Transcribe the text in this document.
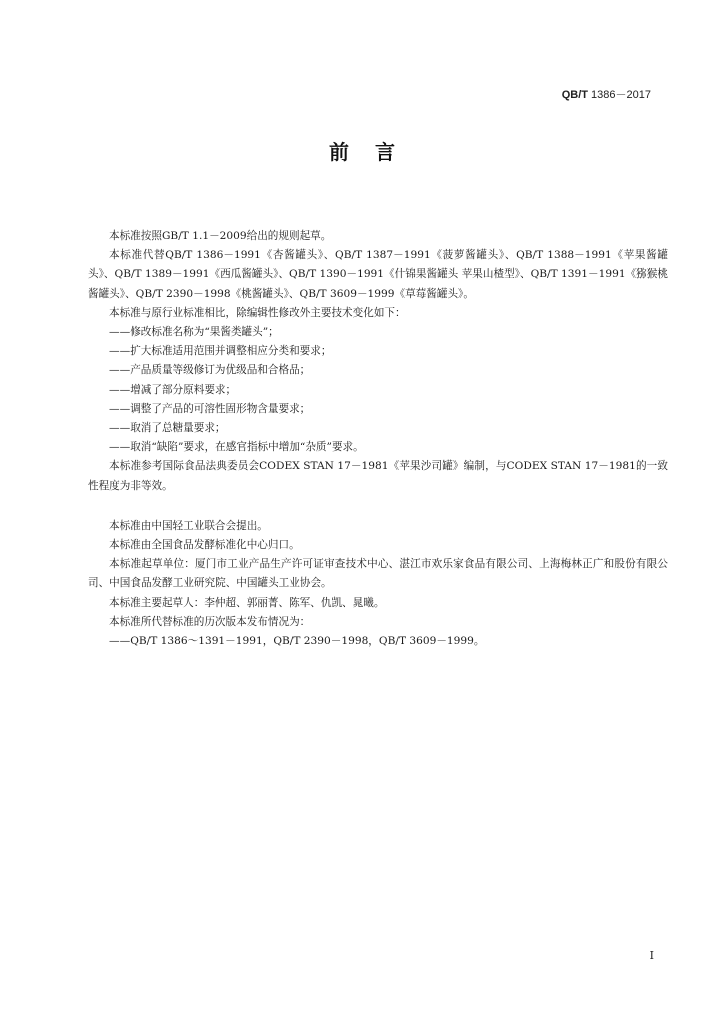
QB/T 1386－2017
前言

本标准按照GB/T 1.1－2009给出的规则起草。

本标准代替QB/T 1386－1991《杏酱罐头》、QB/T 1387－1991《菠萝酱罐头》、QB/T 1388－1991《苹果酱罐头》、QB/T 1389－1991《西瓜酱罐头》、QB/T 1390－1991《什锦果酱罐头 苹果山楂型》、QB/T 1391－1991《猕猴桃酱罐头》、QB/T 2390－1998《桃酱罐头》、QB/T 3609－1999《草莓酱罐头》。

本标准与原行业标准相比，除编辑性修改外主要技术变化如下：

——修改标准名称为“果酱类罐头”；

——扩大标准适用范围并调整相应分类和要求；

——产品质量等级修订为优级品和合格品；

——增减了部分原料要求；

——调整了产品的可溶性固形物含量要求；

——取消了总糖量要求；

——取消“缺陷”要求，在感官指标中增加“杂质”要求。

本标准参考国际食品法典委员会CODEX STAN 17－1981《苹果沙司罐》编制，与CODEX STAN 17－1981的一致性程度为非等效。

本标准由中国轻工业联合会提出。

本标准由全国食品发酵标准化中心归口。

本标准起草单位：厦门市工业产品生产许可证审查技术中心、湛江市欢乐家食品有限公司、上海梅林正广和股份有限公司、中国食品发酵工业研究院、中国罐头工业协会。

本标准主要起草人：李仲超、郭丽菁、陈军、仇凯、晁曦。

本标准所代替标准的历次版本发布情况为：

——QB/T 1386～1391－1991，QB/T 2390－1998，QB/T 3609－1999。

I
